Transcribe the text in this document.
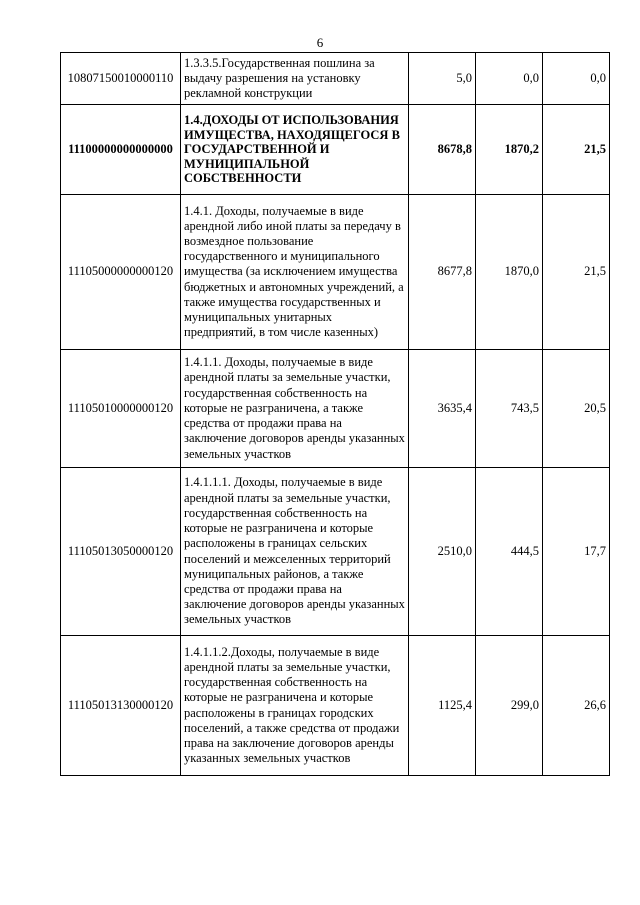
6
10807150010000110	1.3.3.5.Государственная пошлина за выдачу разрешения на установку рекламной конструкции	5,0	0,0	0,0
11100000000000000	1.4.ДОХОДЫ ОТ ИСПОЛЬЗОВАНИЯ ИМУЩЕСТВА, НАХОДЯЩЕГОСЯ В ГОСУДАРСТВЕННОЙ И МУНИЦИПАЛЬНОЙ СОБСТВЕННОСТИ	8678,8	1870,2	21,5
11105000000000120	1.4.1. Доходы, получаемые в виде арендной либо иной платы за передачу в возмездное пользование государственного и муниципального имущества (за исключением имущества бюджетных и автономных учреждений, а также имущества государственных и муниципальных унитарных предприятий, в том числе казенных)	8677,8	1870,0	21,5
11105010000000120	1.4.1.1. Доходы, получаемые в виде арендной платы за земельные участки, государственная собственность на которые не разграничена, а также средства от продажи права на заключение договоров аренды указанных земельных участков	3635,4	743,5	20,5
11105013050000120	1.4.1.1.1. Доходы, получаемые в виде арендной платы за земельные участки, государственная собственность на которые не разграничена и которые расположены в границах сельских поселений и межселенных территорий муниципальных районов, а также средства от продажи права на заключение договоров аренды указанных земельных участков	2510,0	444,5	17,7
11105013130000120	1.4.1.1.2.Доходы, получаемые в виде арендной платы за земельные участки, государственная собственность на которые не разграничена и которые расположены в границах городских поселений, а также средства от продажи права на заключение договоров аренды указанных земельных участков	1125,4	299,0	26,6
